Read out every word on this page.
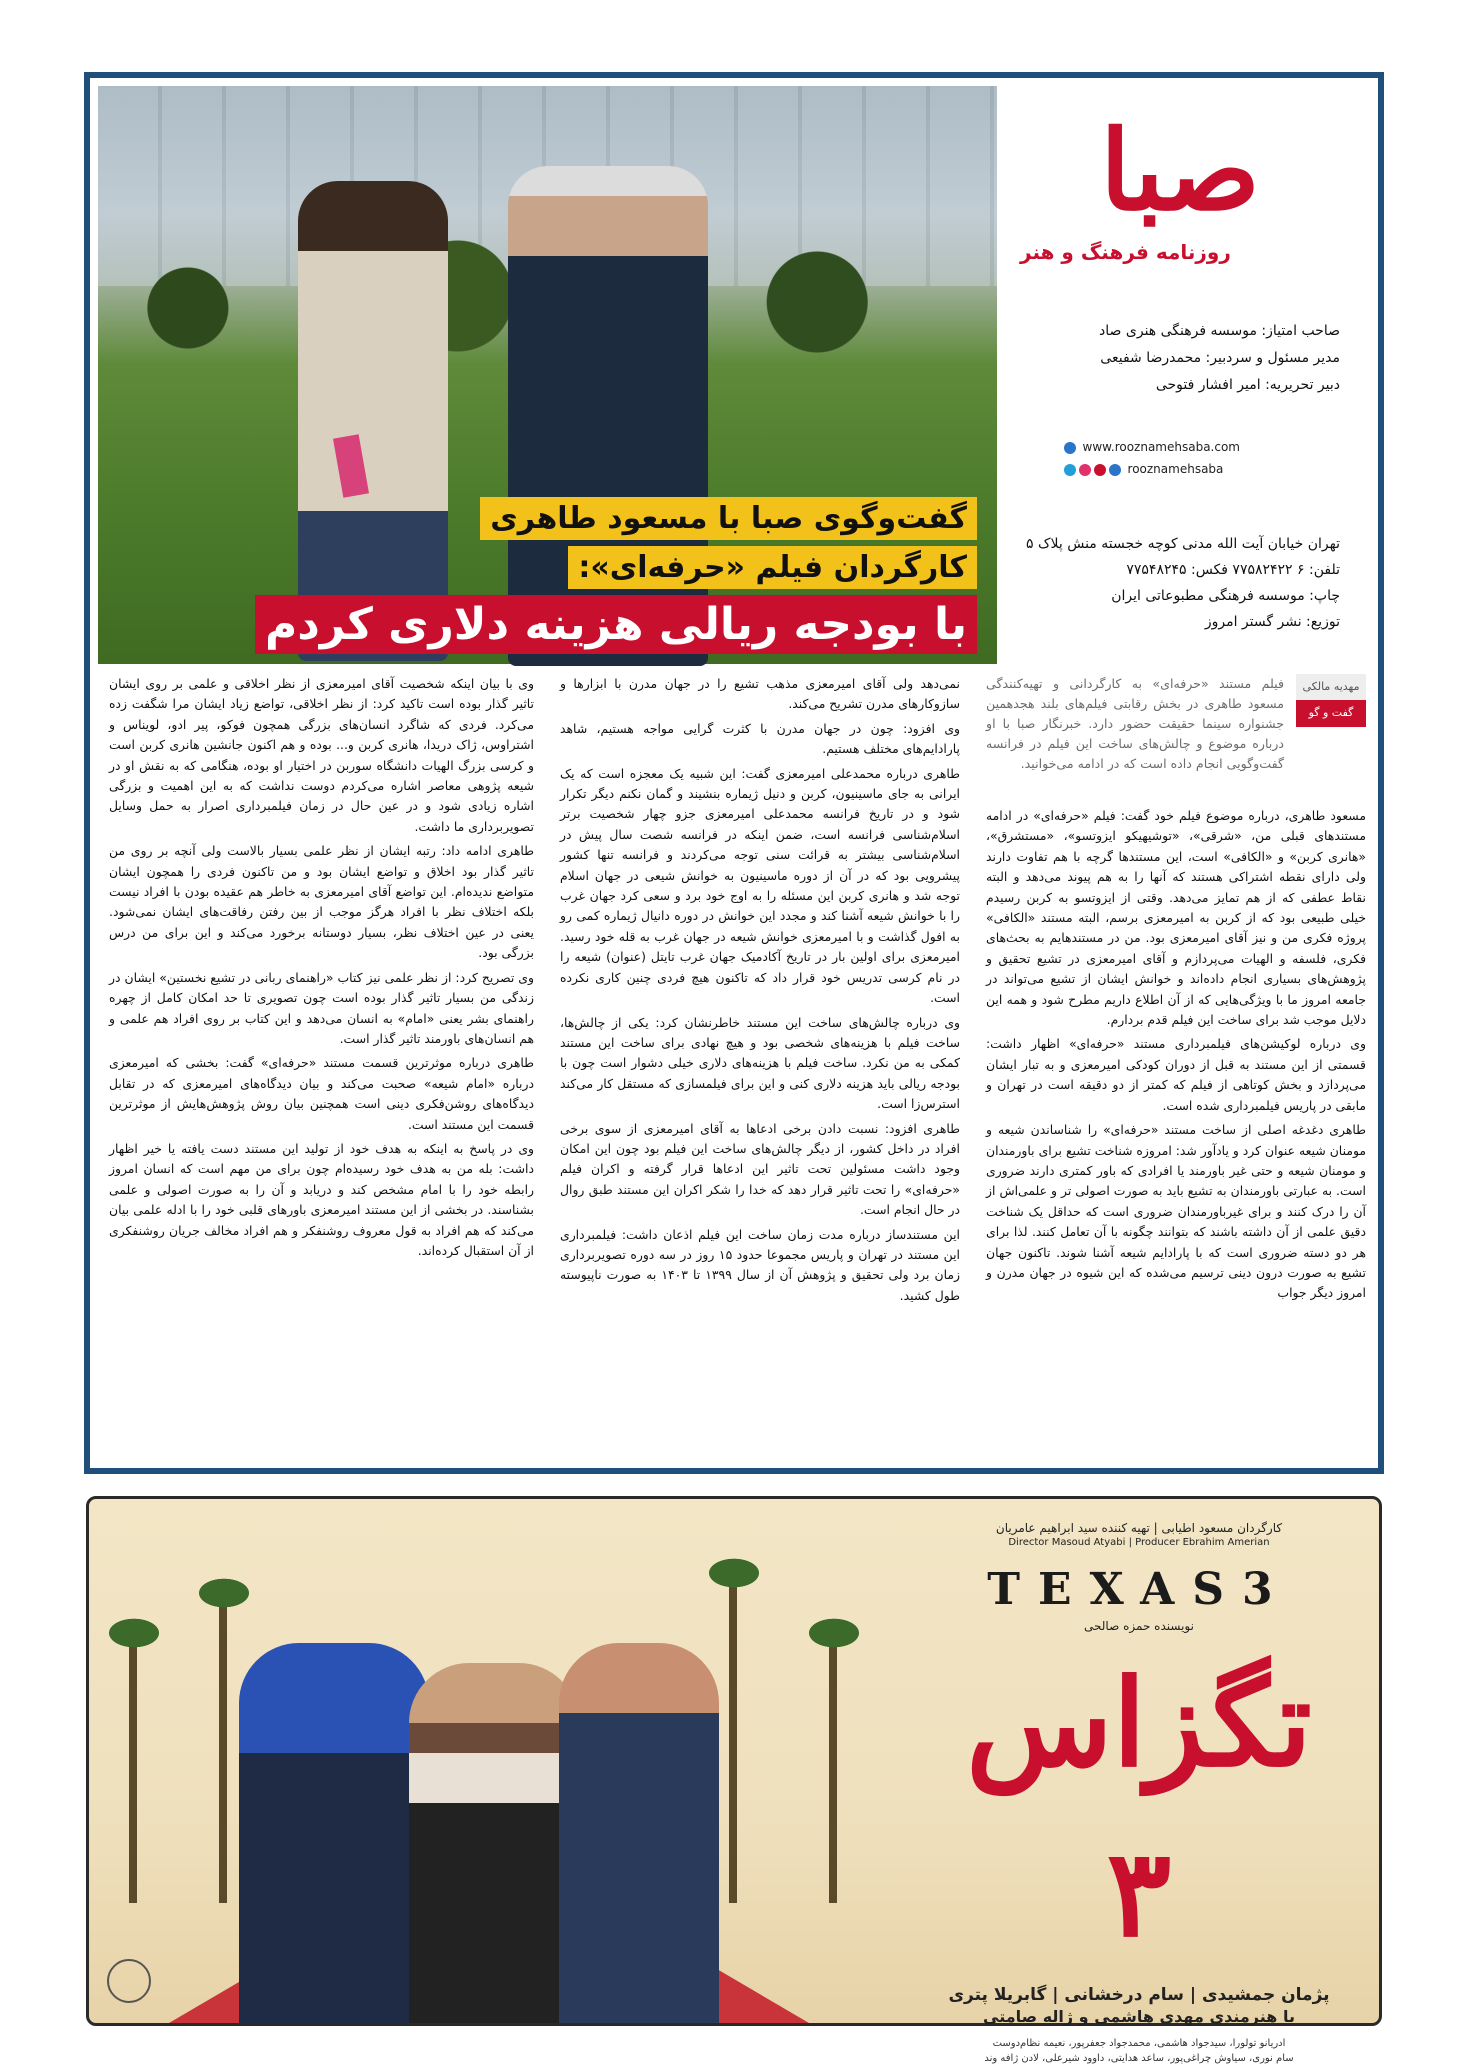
گفت‌وگوی صبا با مسعود طاهری
کارگردان فیلم «حرفه‌ای»:
با بودجه ریالی هزینه دلاری کردم
صبا
روزنامه فرهنگ و هنر
صاحب امتیاز: موسسه فرهنگی هنری صاد
مدیر مسئول و سردبیر: محمدرضا شفیعی
دبیر تحریریه: امیر افشار فتوحی
www.rooznamehsaba.com
rooznamehsaba
تهران خیابان آیت الله مدنی کوچه خجسته منش پلاک ۵
تلفن: ۶ ۷۷۵۸۲۴۲۲ فکس: ۷۷۵۴۸۲۴۵
چاپ: موسسه فرهنگی مطبوعاتی ایران
توزیع: نشر گستر امروز
مهدیه مالکی
گفت و گو
فیلم مستند «حرفه‌ای» به کارگردانی و تهیه‌کنندگی مسعود طاهری در بخش رقابتی فیلم‌های بلند هجدهمین جشنواره سینما حقیقت حضور دارد. خبرنگار صبا با او درباره موضوع و چالش‌های ساخت این فیلم در فرانسه گفت‌وگویی انجام داده است که در ادامه می‌خوانید.

مسعود طاهری، درباره موضوع فیلم خود گفت: فیلم «حرفه‌ای» در ادامه مستندهای قبلی من، «شرقی»، «توشیهیکو ایزوتسو»، «مستشرق»، «هانری کربن» و «الکافی» است، این مستندها گرچه با هم تفاوت دارند ولی دارای نقطه اشتراکی هستند که آنها را به هم پیوند می‌دهد و البته نقاط عطفی که از هم تمایز می‌دهد. وقتی از ایزوتسو به کربن رسیدم خیلی طبیعی بود که از کربن به امیرمعزی برسم، البته مستند «الکافی» پروژه فکری من و نیز آقای امیرمعزی بود. من در مستندهایم به بحث‌های فکری، فلسفه و الهیات می‌پردازم و آقای امیرمعزی در تشیع تحقیق و پژوهش‌های بسیاری انجام داده‌اند و خوانش ایشان از تشیع می‌تواند در جامعه امروز ما با ویژگی‌هایی که از آن اطلاع داریم مطرح شود و همه این دلایل موجب شد برای ساخت این فیلم قدم بردارم.

وی درباره لوکیشن‌های فیلمبرداری مستند «حرفه‌ای» اظهار داشت: قسمتی از این مستند به قبل از دوران کودکی امیرمعزی و به تبار ایشان می‌پردازد و بخش کوتاهی از فیلم که کمتر از دو دقیقه است در تهران و مابقی در پاریس فیلمبرداری شده است.

طاهری دغدغه اصلی از ساخت مستند «حرفه‌ای» را شناساندن شیعه و مومنان شیعه عنوان کرد و یادآور شد: امروزه شناخت تشیع برای باورمندان و مومنان شیعه و حتی غیر باورمند یا افرادی که باور کمتری دارند ضروری است. به عبارتی باورمندان به تشیع باید به صورت اصولی تر و علمی‌اش از آن را درک کنند و برای غیرباورمندان ضروری است که حداقل یک شناخت دقیق علمی از آن داشته باشند که بتوانند چگونه با آن تعامل کنند. لذا برای هر دو دسته ضروری است که با پارادایم شیعه آشنا شوند. تاکنون جهان تشیع به صورت درون دینی ترسیم می‌شده که این شیوه در جهان مدرن و امروز دیگر جواب

نمی‌دهد ولی آقای امیرمعزی مذهب تشیع را در جهان مدرن با ابزارها و سازوکارهای مدرن تشریح می‌کند.

وی افزود: چون در جهان مدرن با کثرت گرایی مواجه هستیم، شاهد پارادایم‌های مختلف هستیم.

طاهری درباره محمدعلی امیرمعزی گفت: این شبیه یک معجزه است که یک ایرانی به جای ماسینیون، کربن و دنیل ژیماره بنشیند و گمان نکنم دیگر تکرار شود و در تاریخ فرانسه محمدعلی امیرمعزی جزو چهار شخصیت برتر اسلام‌شناسی فرانسه است، ضمن اینکه در فرانسه شصت سال پیش در اسلام‌شناسی بیشتر به قرائت سنی توجه می‌کردند و فرانسه تنها کشور پیشرویی بود که در آن از دوره ماسینیون به خوانش شیعی در جهان اسلام توجه شد و هانری کربن این مسئله را به اوج خود برد و سعی کرد جهان غرب را با خوانش شیعه آشنا کند و مجدد این خوانش در دوره دانیال ژیماره کمی رو به افول گذاشت و با امیرمعزی خوانش شیعه در جهان غرب به قله خود رسید. امیرمعزی برای اولین بار در تاریخ آکادمیک جهان غرب تایتل (عنوان) شیعه را در نام کرسی تدریس خود قرار داد که تاکنون هیچ فردی چنین کاری نکرده است.

وی درباره چالش‌های ساخت این مستند خاطرنشان کرد: یکی از چالش‌ها، ساخت فیلم با هزینه‌های شخصی بود و هیچ نهادی برای ساخت این مستند کمکی به من نکرد. ساخت فیلم با هزینه‌های دلاری خیلی دشوار است چون با بودجه ریالی باید هزینه دلاری کنی و این برای فیلمسازی که مستقل کار می‌کند استرس‌زا است.

طاهری افزود: نسبت دادن برخی ادعاها به آقای امیرمعزی از سوی برخی افراد در داخل کشور، از دیگر چالش‌های ساخت این فیلم بود چون این امکان وجود داشت مسئولین تحت تاثیر این ادعاها قرار گرفته و اکران فیلم «حرفه‌ای» را تحت تاثیر قرار دهد که خدا را شکر اکران این مستند طبق روال در حال انجام است.

این مستندساز درباره مدت زمان ساخت این فیلم اذعان داشت: فیلمبرداری این مستند در تهران و پاریس مجموعا حدود ۱۵ روز در سه دوره تصویربرداری زمان برد ولی تحقیق و پژوهش آن از سال ۱۳۹۹ تا ۱۴۰۳ به صورت ناپیوسته طول کشید.

وی با بیان اینکه شخصیت آقای امیرمعزی از نظر اخلاقی و علمی بر روی ایشان تاثیر گذار بوده است تاکید کرد: از نظر اخلاقی، تواضع زیاد ایشان مرا شگفت زده می‌کرد. فردی که شاگرد انسان‌های بزرگی همچون فوکو، پیر ادو، لویناس و اشتراوس، ژاک دریدا، هانری کربن و... بوده و هم اکنون جانشین هانری کربن است و کرسی بزرگ الهیات دانشگاه سوربن در اختیار او بوده، هنگامی که به نقش او در شیعه پژوهی معاصر اشاره می‌کردم دوست نداشت که به این اهمیت و بزرگی اشاره زیادی شود و در عین حال در زمان فیلمبرداری اصرار به حمل وسایل تصویربرداری ما داشت.

طاهری ادامه داد: رتبه ایشان از نظر علمی بسیار بالاست ولی آنچه بر روی من تاثیر گذار بود اخلاق و تواضع ایشان بود و من تاکنون فردی را همچون ایشان متواضع ندیده‌ام. این تواضع آقای امیرمعزی به خاطر هم عقیده بودن با افراد نیست بلکه اختلاف نظر با افراد هرگز موجب از بین رفتن رفاقت‌های ایشان نمی‌شود. یعنی در عین اختلاف نظر، بسیار دوستانه برخورد می‌کند و این برای من درس بزرگی بود.

وی تصریح کرد: از نظر علمی نیز کتاب «راهنمای ربانی در تشیع نخستین» ایشان در زندگی من بسیار تاثیر گذار بوده است چون تصویری تا حد امکان کامل از چهره راهنمای بشر یعنی «امام» به انسان می‌دهد و این کتاب بر روی افراد هم علمی و هم انسان‌های باورمند تاثیر گذار است.

طاهری درباره موثرترین قسمت مستند «حرفه‌ای» گفت: بخشی که امیرمعزی درباره «امام شیعه» صحبت می‌کند و بیان دیدگاه‌های امیرمعزی که در تقابل دیدگاه‌های روشن‌فکری دینی است همچنین بیان روش پژوهش‌هایش از موثرترین قسمت این مستند است.

وی در پاسخ به اینکه به هدف خود از تولید این مستند دست یافته یا خیر اظهار داشت: بله من به هدف خود رسیده‌ام چون برای من مهم است که انسان امروز رابطه خود را با امام مشخص کند و دریابد و آن را به صورت اصولی و علمی بشناسند. در بخشی از این مستند امیرمعزی باورهای قلبی خود را با ادله علمی بیان می‌کند که هم افراد به قول معروف روشنفکر و هم افراد مخالف جریان روشنفکری از آن استقبال کرده‌اند.

کارگردان مسعود اطیابی | تهیه کننده سید ابراهیم عامریان
Director Masoud Atyabi | Producer Ebrahim Amerian
TEXAS3
نویسنده حمزه صالحی
تگزاس ۳
پژمان جمشیدی | سام درخشانی | گابریلا پتری
با هنرمندی مهدی هاشمی و ژاله صامتی
ادریانو تولورا، سیدجواد هاشمی، محمدجواد جعفرپور، نعیمه نظام‌دوست
سام نوری، سیاوش چراغی‌پور، ساعد هدایتی، داوود شیرعلی، لادن ژافه وند
